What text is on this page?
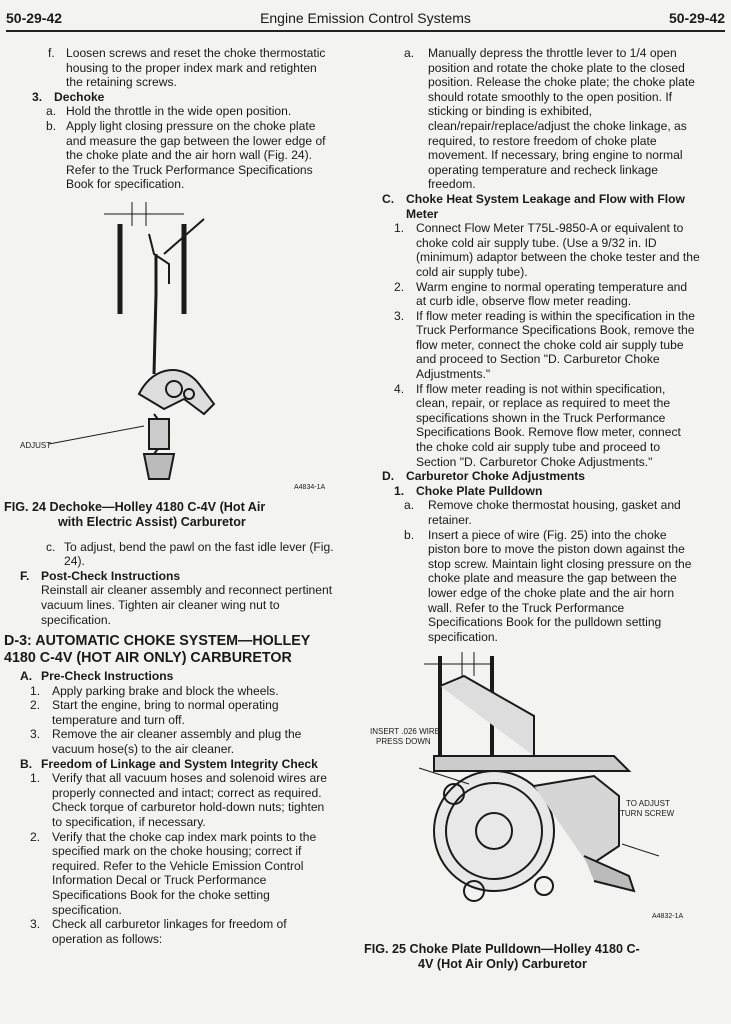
50-29-42	Engine Emission Control Systems	50-29-42
f. Loosen screws and reset the choke thermostatic housing to the proper index mark and retighten the retaining screws.
3. Dechoke
a. Hold the throttle in the wide open position.
b. Apply light closing pressure on the choke plate and measure the gap between the lower edge of the choke plate and the air horn wall (Fig. 24). Refer to the Truck Performance Specifications Book for specification.
ADJUST
A4834-1A
FIG. 24 Dechoke—Holley 4180 C-4V (Hot Air
with Electric Assist) Carburetor
c. To adjust, bend the pawl on the fast idle lever (Fig. 24).
F. Post-Check Instructions
Reinstall air cleaner assembly and reconnect pertinent vacuum lines. Tighten air cleaner wing nut to specification.
D-3: AUTOMATIC CHOKE SYSTEM—HOLLEY
4180 C-4V (HOT AIR ONLY) CARBURETOR
A. Pre-Check Instructions
1. Apply parking brake and block the wheels.
2. Start the engine, bring to normal operating temperature and turn off.
3. Remove the air cleaner assembly and plug the vacuum hose(s) to the air cleaner.
B. Freedom of Linkage and System Integrity Check
1. Verify that all vacuum hoses and solenoid wires are properly connected and intact; correct as required. Check torque of carburetor hold-down nuts; tighten to specification, if necessary.
2. Verify that the choke cap index mark points to the specified mark on the choke housing; correct if required. Refer to the Vehicle Emission Control Information Decal or Truck Performance Specifications Book for the choke setting specification.
3. Check all carburetor linkages for freedom of operation as follows:
a. Manually depress the throttle lever to 1/4 open position and rotate the choke plate to the closed position. Release the choke plate; the choke plate should rotate smoothly to the open position. If sticking or binding is exhibited, clean/repair/replace/adjust the choke linkage, as required, to restore freedom of choke plate movement. If necessary, bring engine to normal operating temperature and recheck linkage freedom.
C. Choke Heat System Leakage and Flow with Flow Meter
1. Connect Flow Meter T75L-9850-A or equivalent to choke cold air supply tube. (Use a 9/32 in. ID (minimum) adaptor between the choke tester and the cold air supply tube).
2. Warm engine to normal operating temperature and at curb idle, observe flow meter reading.
3. If flow meter reading is within the specification in the Truck Performance Specifications Book, remove the flow meter, connect the choke cold air supply tube and proceed to Section "D. Carburetor Choke Adjustments."
4. If flow meter reading is not within specification, clean, repair, or replace as required to meet the specifications shown in the Truck Performance Specifications Book. Remove flow meter, connect the choke cold air supply tube and proceed to Section "D. Carburetor Choke Adjustments."
D. Carburetor Choke Adjustments
1. Choke Plate Pulldown
a. Remove choke thermostat housing, gasket and retainer.
b. Insert a piece of wire (Fig. 25) into the choke piston bore to move the piston down against the stop screw. Maintain light closing pressure on the choke plate and measure the gap between the lower edge of the choke plate and the air horn wall. Refer to the Truck Performance Specifications Book for the pulldown setting specification.
INSERT .026 WIRE
PRESS DOWN
TO ADJUST
TURN SCREW
A4832-1A
FIG. 25 Choke Plate Pulldown—Holley 4180 C-
4V (Hot Air Only) Carburetor
